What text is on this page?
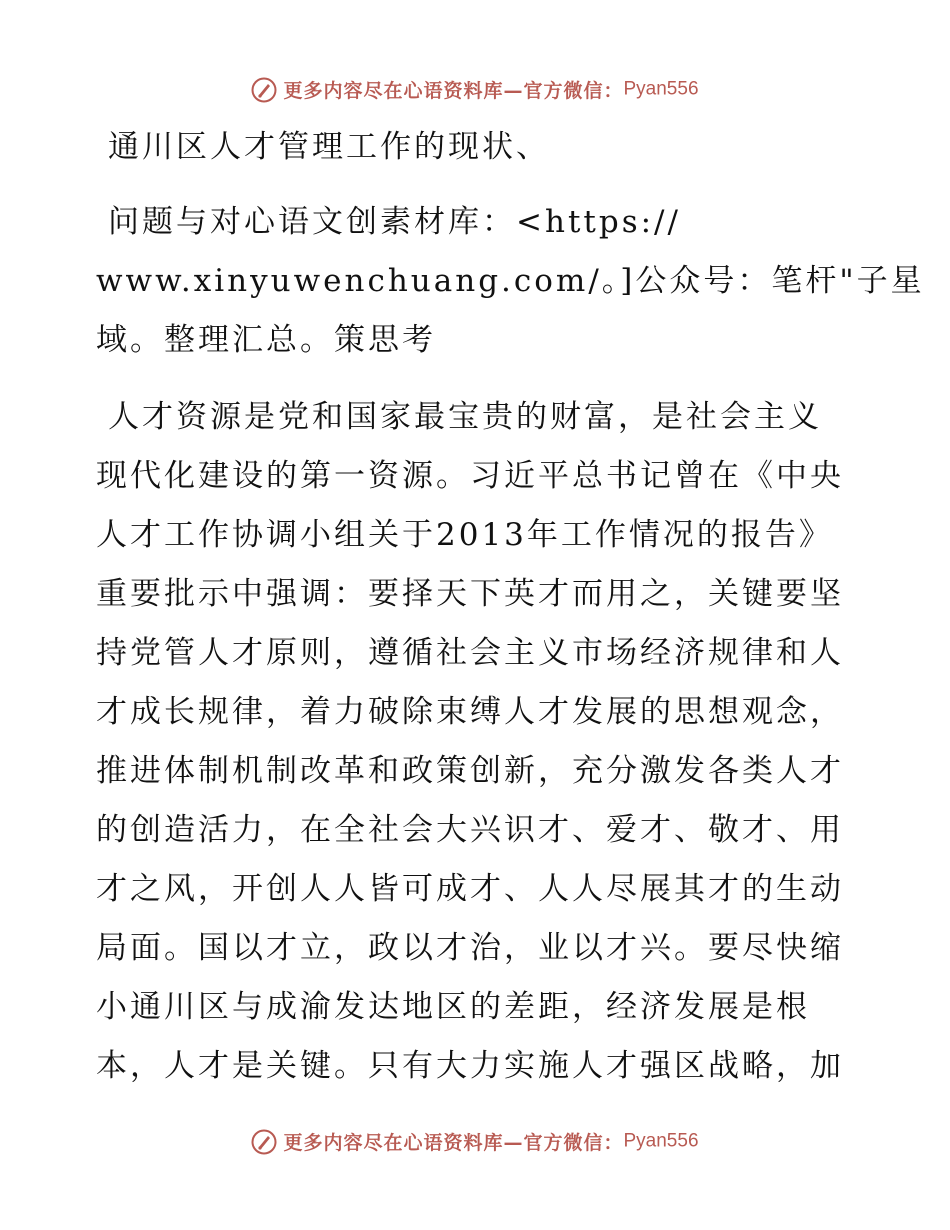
更多内容尽在心语资料库—官方微信：Pyan556
通川区人才管理工作的现状、
问题与对心语文创素材库：<https://
www.xinyuwenchuang.com/。]公众号：笔杆"子星
域。整理汇总。策思考
人才资源是党和国家最宝贵的财富，是社会主义
现代化建设的第一资源。习近平总书记曾在《中央
人才工作协调小组关于2013年工作情况的报告》
重要批示中强调：要择天下英才而用之，关键要坚
持党管人才原则，遵循社会主义市场经济规律和人
才成长规律，着力破除束缚人才发展的思想观念，
推进体制机制改革和政策创新，充分激发各类人才
的创造活力，在全社会大兴识才、爱才、敬才、用
才之风，开创人人皆可成才、人人尽展其才的生动
局面。国以才立，政以才治，业以才兴。要尽快缩
小通川区与成渝发达地区的差距，经济发展是根
本，人才是关键。只有大力实施人才强区战略，加
更多内容尽在心语资料库—官方微信：Pyan556
